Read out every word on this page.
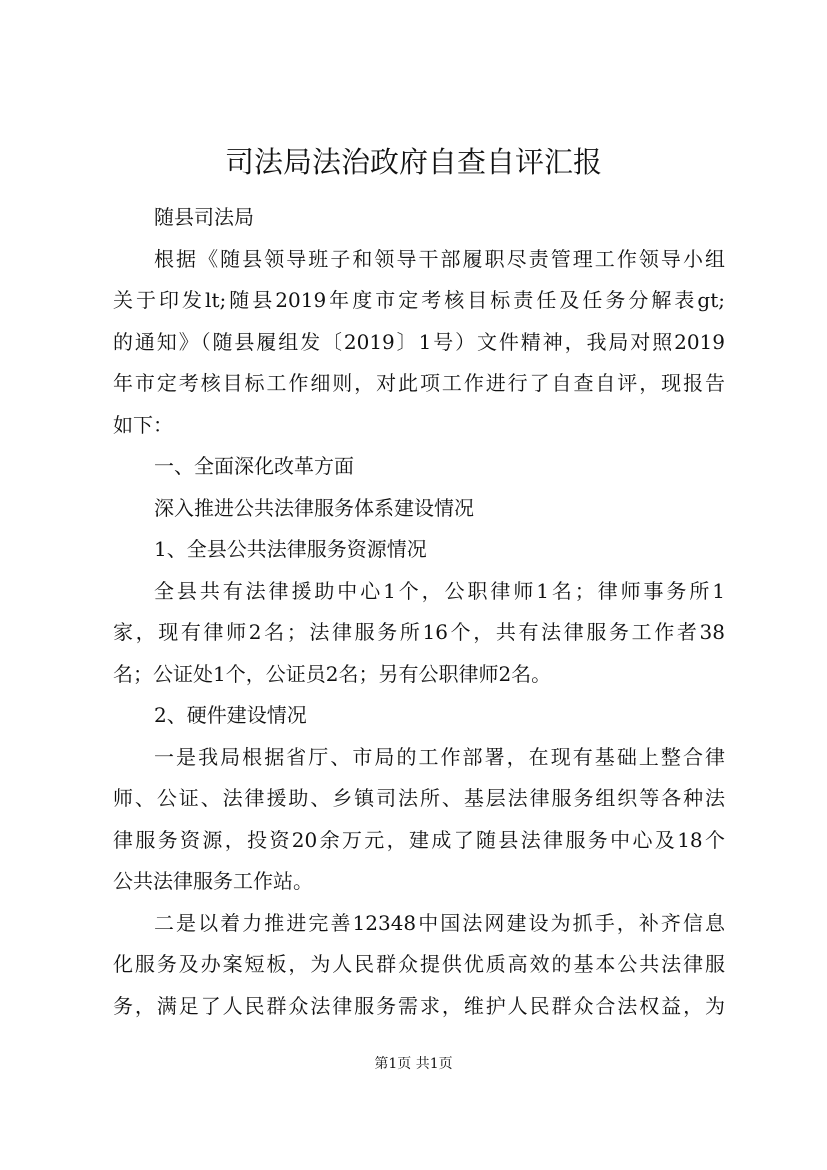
司法局法治政府自查自评汇报
随县司法局
根据《随县领导班子和领导干部履职尽责管理工作领导小组
关于印发lt;随县2019年度市定考核目标责任及任务分解表gt;
的通知》（随县履组发〔2019〕1号）文件精神，我局对照2019
年市定考核目标工作细则，对此项工作进行了自查自评，现报告
如下：
一、全面深化改革方面
深入推进公共法律服务体系建设情况
1、全县公共法律服务资源情况
全县共有法律援助中心1个，公职律师1名；律师事务所1
家，现有律师2名；法律服务所16个，共有法律服务工作者38
名；公证处1个，公证员2名；另有公职律师2名。
2、硬件建设情况
一是我局根据省厅、市局的工作部署，在现有基础上整合律
师、公证、法律援助、乡镇司法所、基层法律服务组织等各种法
律服务资源，投资20余万元，建成了随县法律服务中心及18个
公共法律服务工作站。
二是以着力推进完善12348中国法网建设为抓手，补齐信息
化服务及办案短板，为人民群众提供优质高效的基本公共法律服
务，满足了人民群众法律服务需求，维护人民群众合法权益，为
第1页 共1页
